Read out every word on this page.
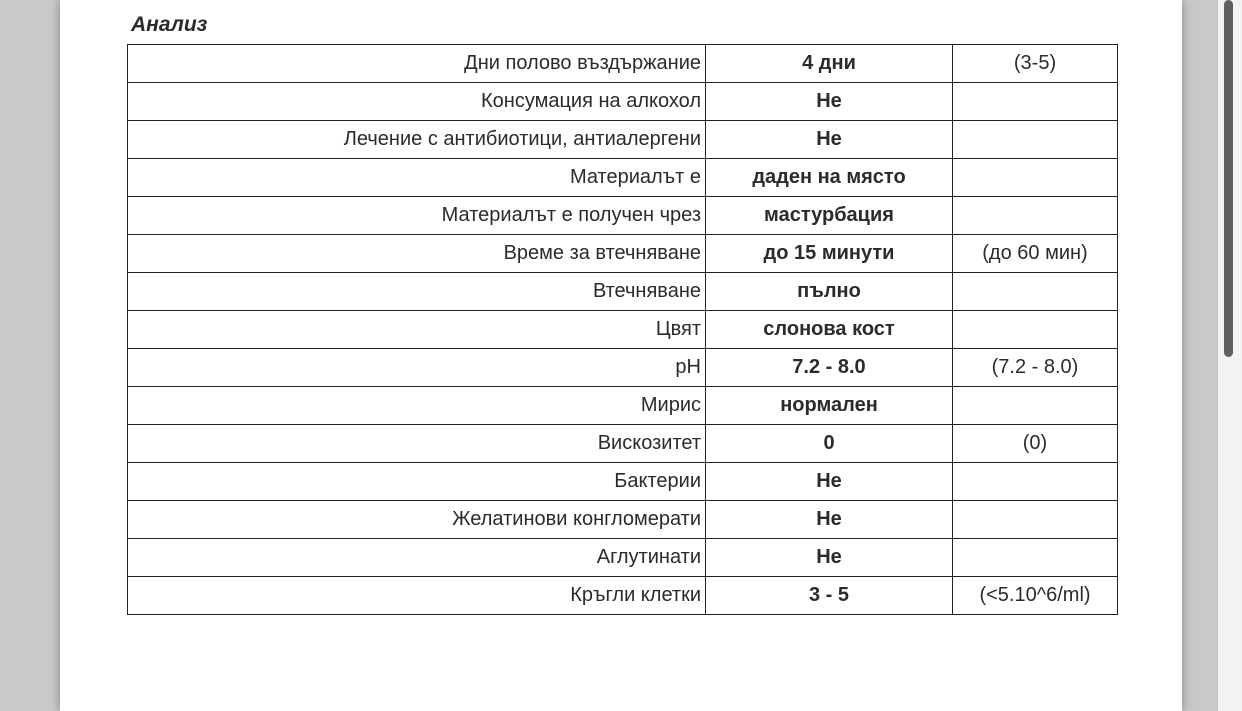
Анализ
Дни полово въздържание	4 дни	(3-5)
Консумация на алкохол	Не	
Лечение с антибиотици, антиалергени	Не	
Материалът е	даден на място	
Материалът е получен чрез	мастурбация	
Време за втечняване	до 15 минути	(до 60 мин)
Втечняване	пълно	
Цвят	слонова кост	
pH	7.2 - 8.0	(7.2 - 8.0)
Мирис	нормален	
Вискозитет	0	(0)
Бактерии	Не	
Желатинови конгломерати	Не	
Аглутинати	Не	
Кръгли клетки	3 - 5	(<5.10^6/ml)
